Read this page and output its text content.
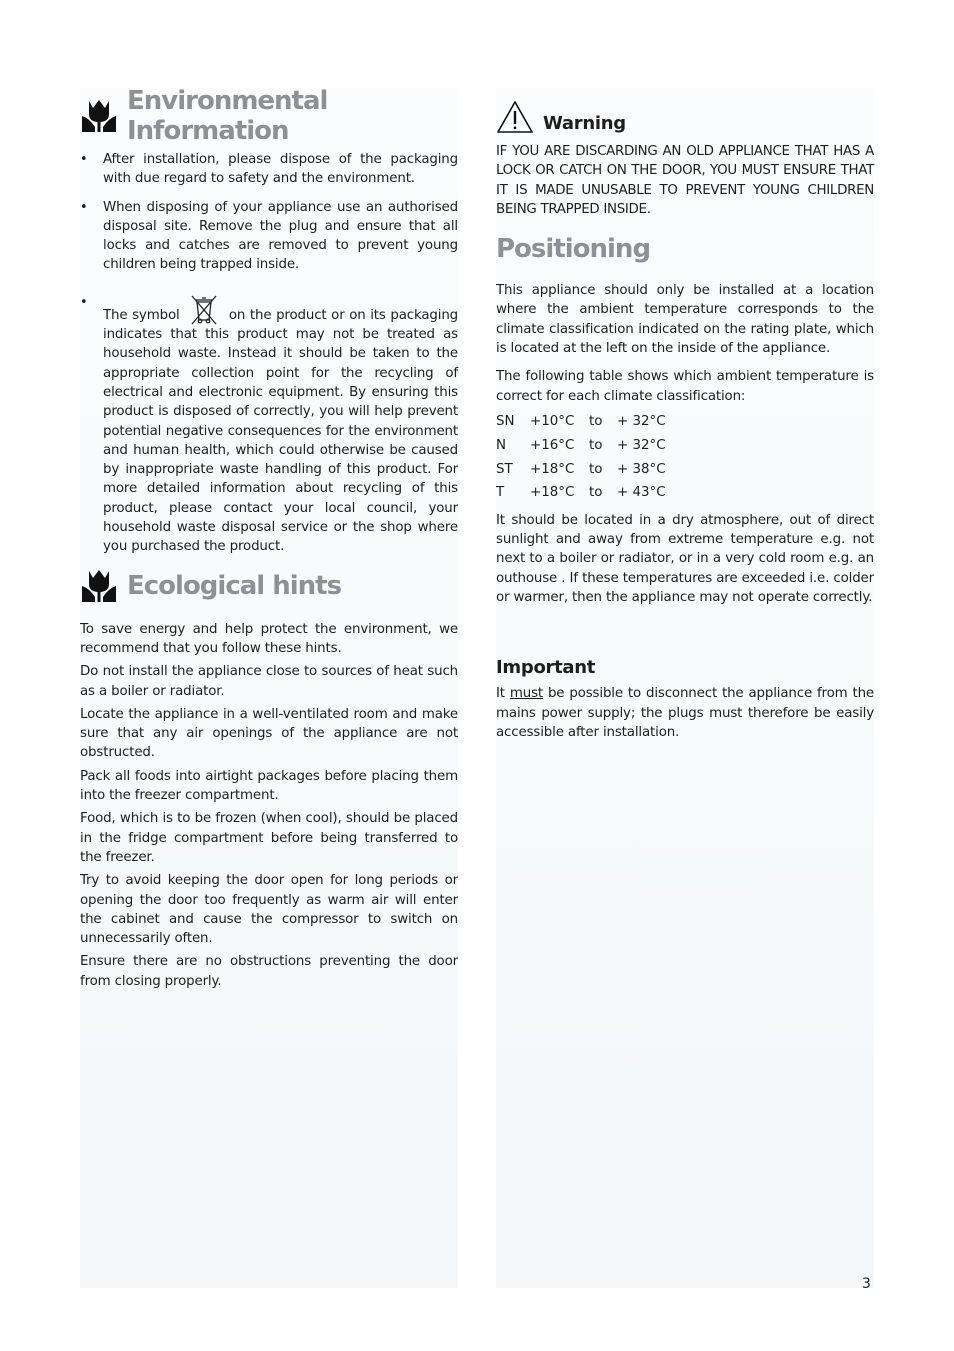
Environmental Information
• After installation, please dispose of the packaging with due regard to safety and the environment.
• When disposing of your appliance use an authorised disposal site. Remove the plug and ensure that all locks and catches are removed to prevent young children being trapped inside.
• The symbol	on the product or on its packaging indicates that this product may not be treated as household waste. Instead it should be taken to the appropriate collection point for the recycling of electrical and electronic equipment. By ensuring this product is disposed of correctly, you will help prevent potential negative consequences for the environment and human health, which could otherwise be caused by inappropriate waste handling of this product. For more detailed information about recycling of this product, please contact your local council, your household waste disposal service or the shop where you purchased the product.
Ecological hints

To save energy and help protect the environment, we recommend that you follow these hints.

Do not install the appliance close to sources of heat such as a boiler or radiator.

Locate the appliance in a well-ventilated room and make sure that any air openings of the appliance are not obstructed.

Pack all foods into airtight packages before placing them into the freezer compartment.

Food, which is to be frozen (when cool), should be placed in the fridge compartment before being transferred to the freezer.

Try to avoid keeping the door open for long periods or opening the door too frequently as warm air will enter the cabinet and cause the compressor to switch on unnecessarily often.

Ensure there are no obstructions preventing the door from closing properly.

Warning

IF YOU ARE DISCARDING AN OLD APPLIANCE THAT HAS A LOCK OR CATCH ON THE DOOR, YOU MUST ENSURE THAT IT IS MADE UNUSABLE TO PREVENT YOUNG CHILDREN BEING TRAPPED INSIDE.

Positioning

This appliance should only be installed at a location where the ambient temperature corresponds to the climate classification indicated on the rating plate, which is located at the left on the inside of the appliance.

The following table shows which ambient temperature is correct for each climate classification:

SN	+10°C	to	+ 32°C
N	+16°C	to	+ 32°C
ST	+18°C	to	+ 38°C
T	+18°C	to	+ 43°C

It should be located in a dry atmosphere, out of direct sunlight and away from extreme temperature e.g. not next to a boiler or radiator, or in a very cold room e.g. an outhouse . If these temperatures are exceeded i.e. colder or warmer, then the appliance may not operate correctly.

Important

It must be possible to disconnect the appliance from the mains power supply; the plugs must therefore be easily accessible after installation.

3
